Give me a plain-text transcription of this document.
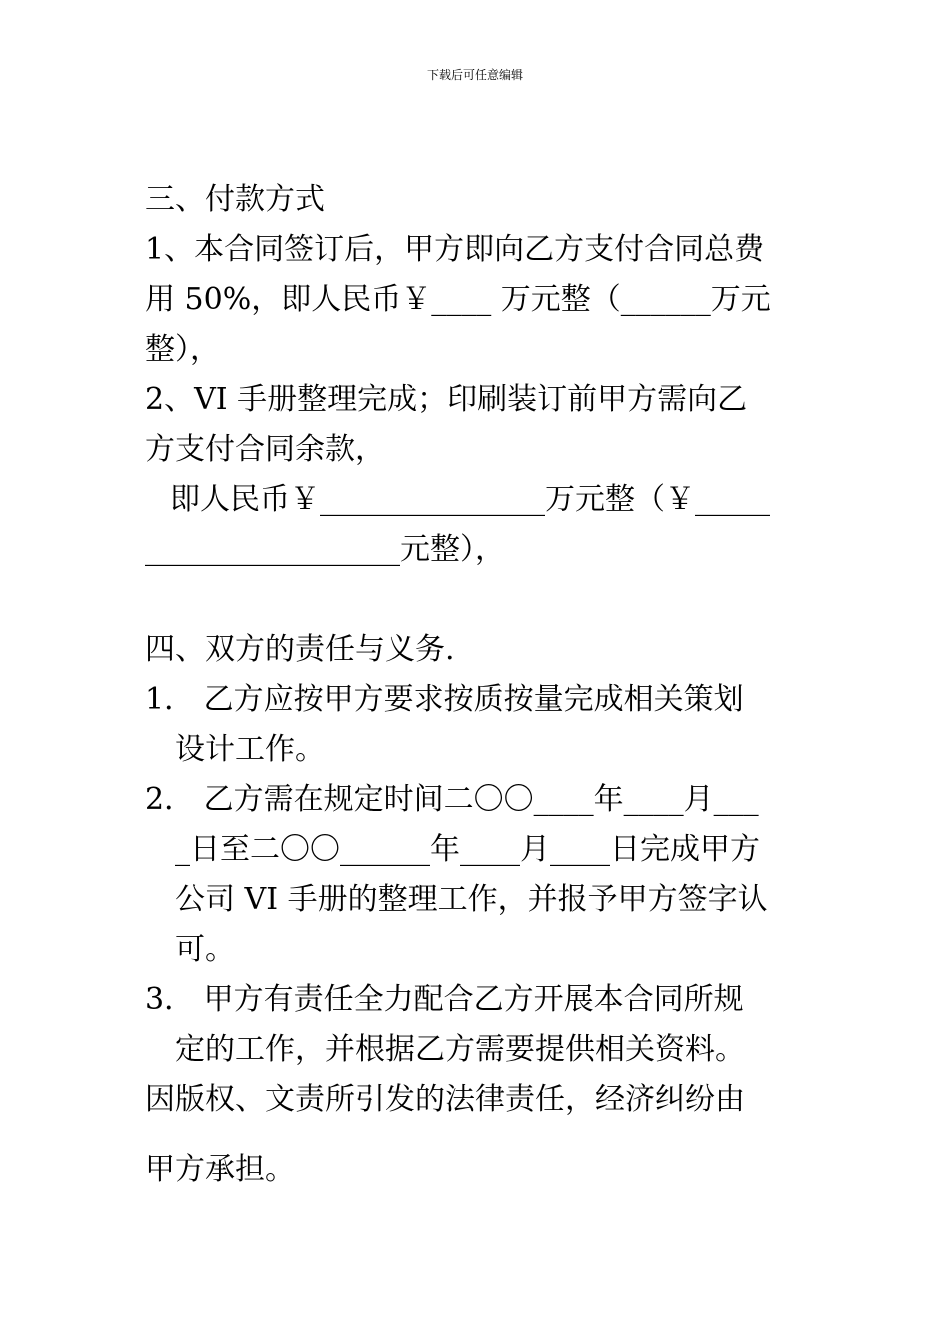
下载后可任意编辑
三、付款方式
1、本合同签订后，甲方即向乙方支付合同总费
用 50%，即人民币￥____ 万元整（______万元
整），
2、VI 手册整理完成；印刷装订前甲方需向乙
方支付合同余款，
即人民币￥_______________万元整（￥_____
_________________元整），
四、双方的责任与义务.
1． 乙方应按甲方要求按质按量完成相关策划
设计工作。
2． 乙方需在规定时间二〇〇____年____月___
_日至二〇〇______年____月____日完成甲方
公司 VI 手册的整理工作，并报予甲方签字认
可。
3． 甲方有责任全力配合乙方开展本合同所规
定的工作，并根据乙方需要提供相关资料。
因版权、文责所引发的法律责任，经济纠纷由
甲方承担。
